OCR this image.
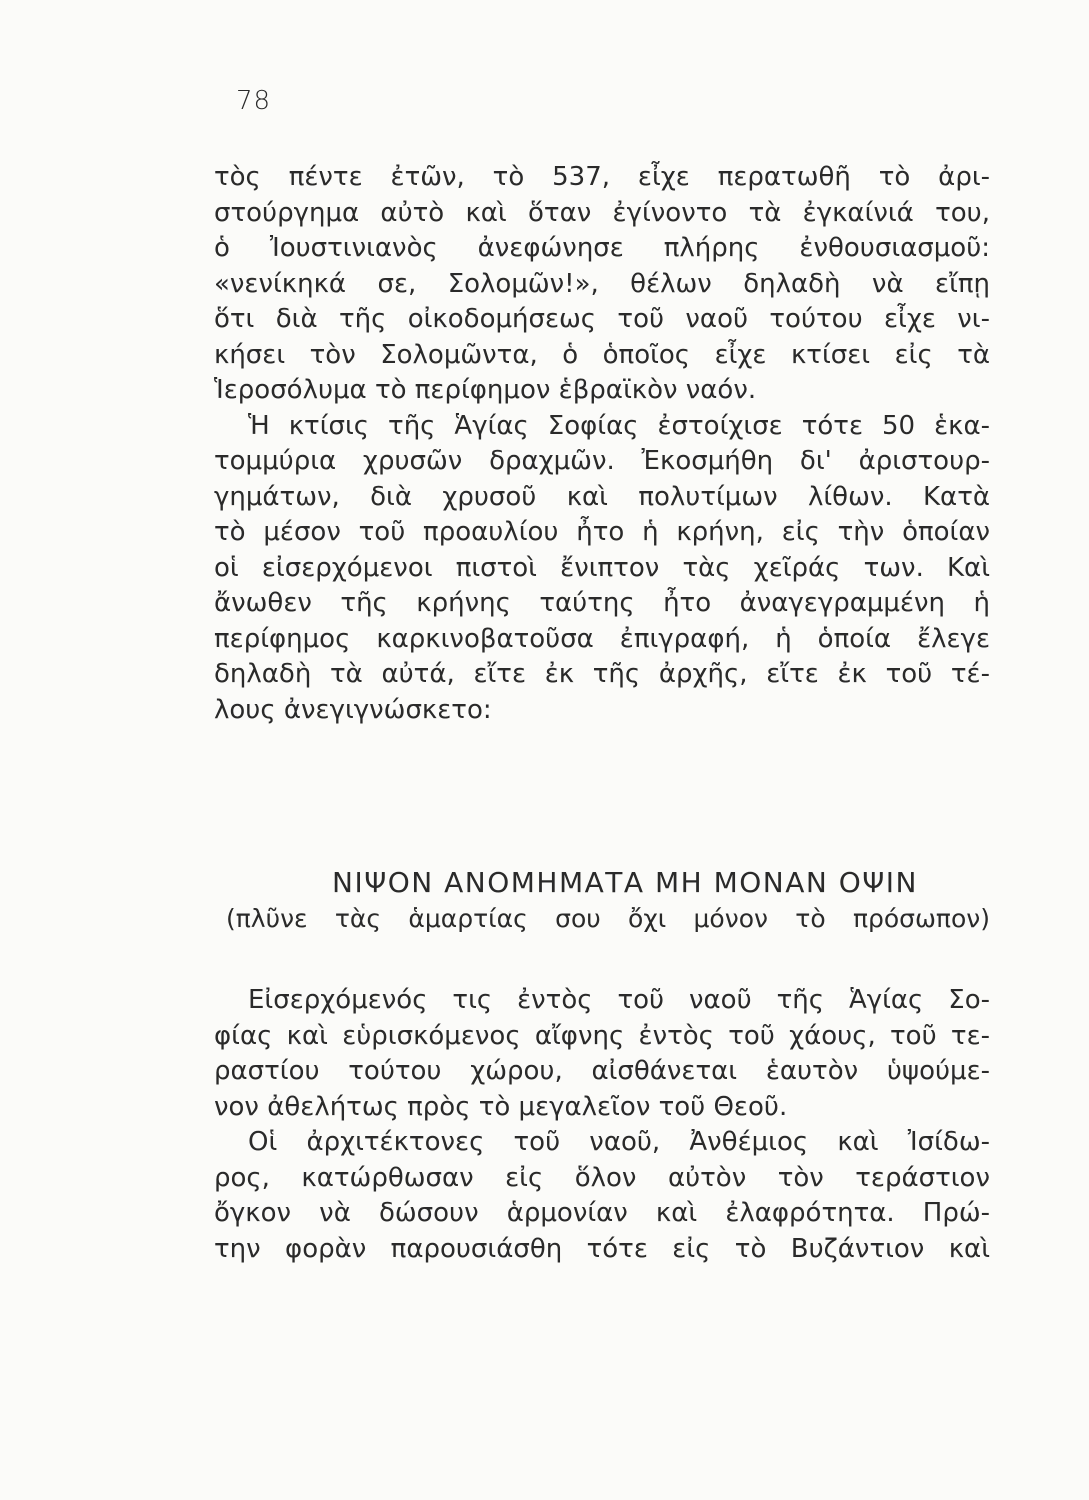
78
τὸς πέντε ἐτῶν, τὸ 537, εἶχε περατωθῆ τὸ ἀρι-
στούργημα αὐτὸ καὶ ὅταν ἐγίνοντο τὰ ἐγκαίνιά του,
ὁ Ἰουστινιανὸς ἀνεφώνησε πλήρης ἐνθουσιασμοῦ:
«νενίκηκά σε, Σολομῶν!», θέλων δηλαδὴ νὰ εἴπῃ
ὅτι διὰ τῆς οἰκοδομήσεως τοῦ ναοῦ τούτου εἶχε νι-
κήσει τὸν Σολομῶντα, ὁ ὁποῖος εἶχε κτίσει εἰς τὰ
Ἱεροσόλυμα τὸ περίφημον ἑβραϊκὸν ναόν.
Ἡ κτίσις τῆς Ἁγίας Σοφίας ἐστοίχισε τότε 50 ἑκα-
τομμύρια χρυσῶν δραχμῶν. Ἐκοσμήθη δι' ἀριστουρ-
γημάτων, διὰ χρυσοῦ καὶ πολυτίμων λίθων. Κατὰ
τὸ μέσον τοῦ προαυλίου ἦτο ἡ κρήνη, εἰς τὴν ὁποίαν
οἱ εἰσερχόμενοι πιστοὶ ἔνιπτον τὰς χεῖράς των. Καὶ
ἄνωθεν τῆς κρήνης ταύτης ἦτο ἀναγεγραμμένη ἡ
περίφημος καρκινοβατοῦσα ἐπιγραφή, ἡ ὁποία ἔλεγε
δηλαδὴ τὰ αὐτά, εἴτε ἐκ τῆς ἀρχῆς, εἴτε ἐκ τοῦ τέ-
λους ἀνεγιγνώσκετο:
ΝΙΨΟΝ ΑΝΟΜΗΜΑΤΑ ΜΗ ΜΟΝΑΝ ΟΨΙΝ
(πλῦνε τὰς ἁμαρτίας σου ὄχι μόνον τὸ πρόσωπον)
Εἰσερχόμενός τις ἐντὸς τοῦ ναοῦ τῆς Ἁγίας Σο-
φίας καὶ εὑρισκόμενος αἴφνης ἐντὸς τοῦ χάους, τοῦ τε-
ραστίου τούτου χώρου, αἰσθάνεται ἑαυτὸν ὑψούμε-
νον ἀθελήτως πρὸς τὸ μεγαλεῖον τοῦ Θεοῦ.
Οἱ ἀρχιτέκτονες τοῦ ναοῦ, Ἀνθέμιος καὶ Ἰσίδω-
ρος, κατώρθωσαν εἰς ὅλον αὐτὸν τὸν τεράστιον
ὄγκον νὰ δώσουν ἁρμονίαν καὶ ἐλαφρότητα. Πρώ-
την φορὰν παρουσιάσθη τότε εἰς τὸ Βυζάντιον καὶ
